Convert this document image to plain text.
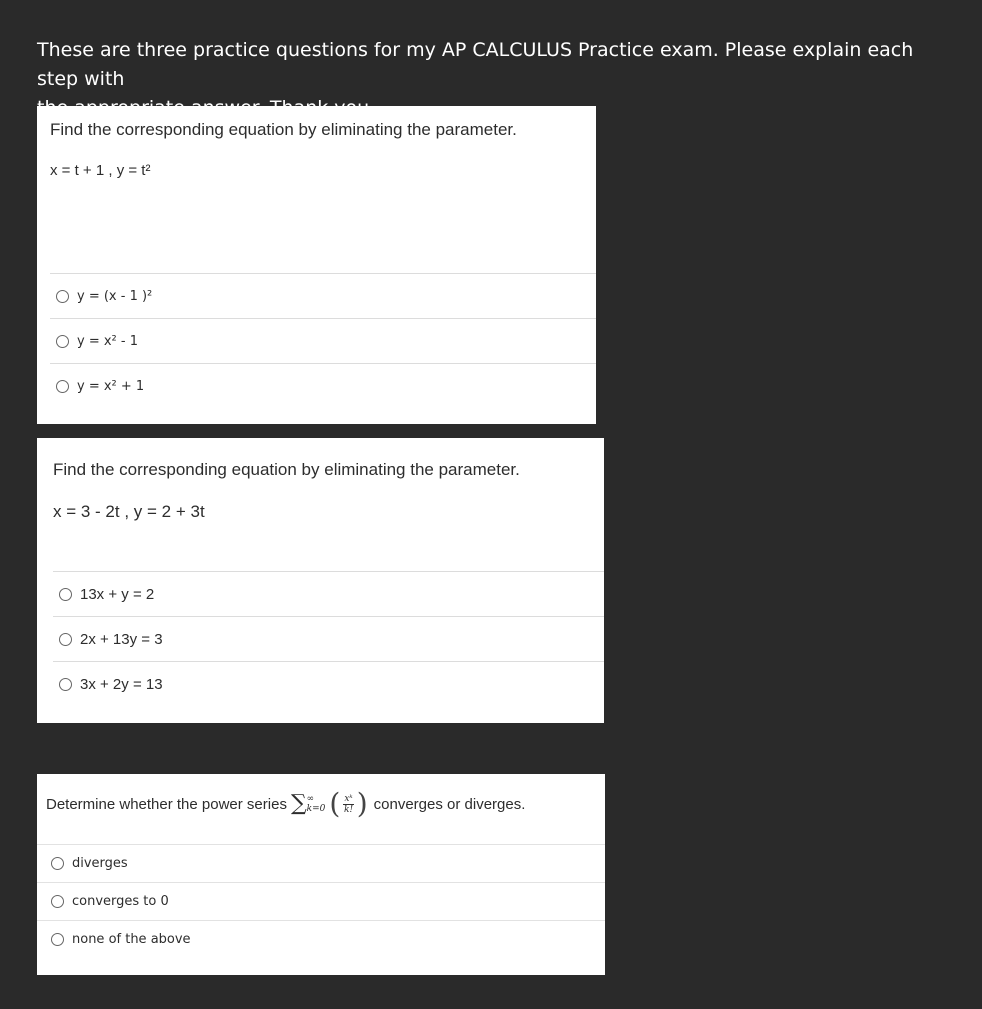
These are three practice questions for my AP CALCULUS Practice exam. Please explain each step with
Find the corresponding equation by eliminating the parameter.
x = t + 1 , y = t²
y = (x - 1 )²
y = x² - 1
y = x² + 1
Find the corresponding equation by eliminating the parameter.
x = 3 - 2t , y = 2 + 3t
13x + y = 2
2x + 13y = 3
3x + 2y = 13
Determine whether the power series ∑ ∞
k=0 ( $\frac{\text{xᵏ}}{k!}$ ) converges or diverges.
diverges
converges to 0
none of the above
